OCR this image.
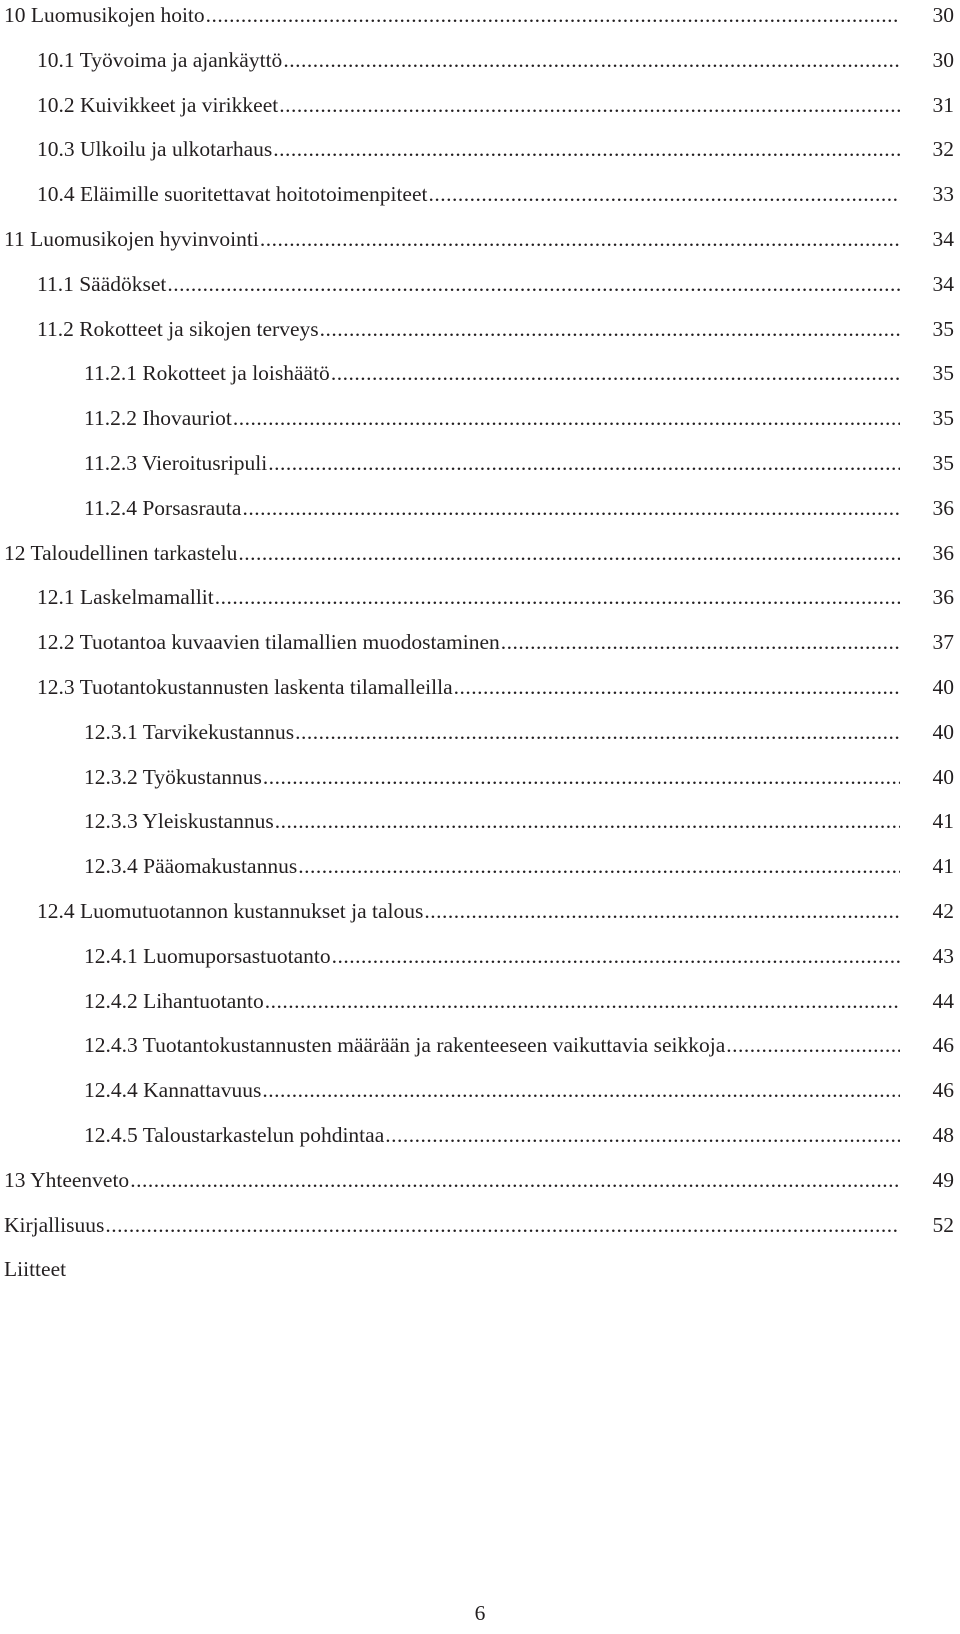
10 Luomusikojen hoito .....	30
10.1 Työvoima ja ajankäyttö .....	30
10.2 Kuivikkeet ja virikkeet .....	31
10.3 Ulkoilu ja ulkotarhaus .....	32
10.4 Eläimille suoritettavat hoitotoimenpiteet .....	33
11 Luomusikojen hyvinvointi .....	34
11.1 Säädökset .....	34
11.2 Rokotteet ja sikojen terveys .....	35
11.2.1 Rokotteet ja loishäätö .....	35
11.2.2 Ihovauriot .....	35
11.2.3 Vieroitusripuli .....	35
11.2.4 Porsasrauta .....	36
12 Taloudellinen tarkastelu .....	36
12.1 Laskelmamallit .....	36
12.2 Tuotantoa kuvaavien tilamallien muodostaminen .....	37
12.3 Tuotantokustannusten laskenta tilamalleilla .....	40
12.3.1 Tarvikekustannus .....	40
12.3.2 Työkustannus .....	40
12.3.3 Yleiskustannus .....	41
12.3.4 Pääomakustannus .....	41
12.4 Luomutuotannon kustannukset ja talous .....	42
12.4.1 Luomuporsastuotanto .....	43
12.4.2 Lihantuotanto .....	44
12.4.3 Tuotantokustannusten määrään ja rakenteeseen vaikuttavia seikkoja .....	46
12.4.4 Kannattavuus .....	46
12.4.5 Taloustarkastelun pohdintaa .....	48
13 Yhteenveto .....	49
Kirjallisuus .....	52
Liitteet
6
